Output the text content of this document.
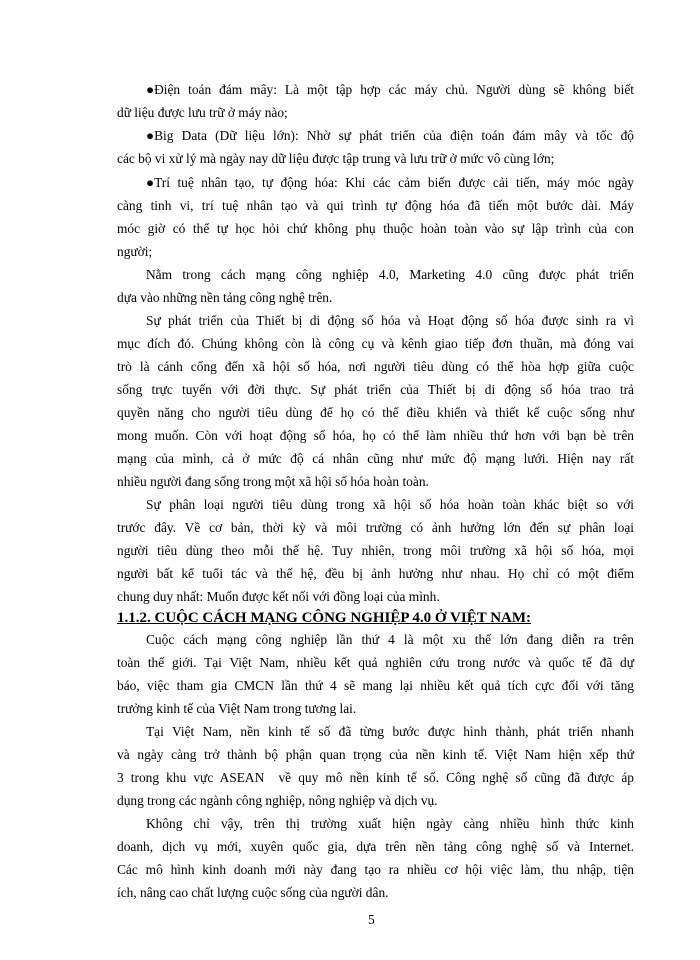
●Điện toán đám mây: Là một tập hợp các máy chủ. Người dùng sẽ không biết
dữ liệu được lưu trữ ở máy nào;
●Big Data (Dữ liệu lớn): Nhờ sự phát triển của điện toán đám mây và tốc độ
các bộ vi xử lý mà ngày nay dữ liệu được tập trung và lưu trữ ở mức vô cùng lớn;
●Trí tuệ nhân tạo, tự động hóa: Khi các cảm biến được cải tiến, máy móc ngày
càng tinh vi, trí tuệ nhân tạo và qui trình tự động hóa đã tiến một bước dài. Máy
móc giờ có thể tự học hỏi chứ không phụ thuộc hoàn toàn vào sự lập trình của con
người;
Nằm trong cách mạng công nghiệp 4.0, Marketing 4.0 cũng được phát triển
dựa vào những nền tảng công nghệ trên.
Sự phát triển của Thiết bị di động số hóa và Hoạt động số hóa được sinh ra vì
mục đích đó. Chúng không còn là công cụ và kênh giao tiếp đơn thuần, mà đóng vai
trò là cánh cổng đến xã hội số hóa, nơi người tiêu dùng có thể hòa hợp giữa cuộc
sống trực tuyến với đời thực. Sự phát triển của Thiết bị di động số hóa trao trả
quyền năng cho người tiêu dùng để họ có thể điều khiển và thiết kế cuộc sống như
mong muốn. Còn với hoạt động số hóa, họ có thể làm nhiều thứ hơn với bạn bè trên
mạng của mình, cả ở mức độ cá nhân cũng như mức độ mạng lưới. Hiện nay rất
nhiều người đang sống trong một xã hội số hóa hoàn toàn.
Sự phân loại người tiêu dùng trong xã hội số hóa hoàn toàn khác biệt so với
trước đây. Về cơ bản, thời kỳ và môi trường có ảnh hưởng lớn đến sự phân loại
người tiêu dùng theo mỗi thế hệ. Tuy nhiên, trong môi trường xã hội số hóa, mọi
người bất kể tuổi tác và thế hệ, đều bị ảnh hưởng như nhau. Họ chỉ có một điểm
chung duy nhất: Muốn được kết nối với đồng loại của mình.
1.1.2. CUỘC CÁCH MẠNG CÔNG NGHIỆP 4.0 Ở VIỆT NAM:
Cuộc cách mạng công nghiệp lần thứ 4 là một xu thế lớn đang diễn ra trên
toàn thế giới. Tại Việt Nam, nhiều kết quả nghiên cứu trong nước và quốc tế đã dự
báo, việc tham gia CMCN lần thứ 4 sẽ mang lại nhiều kết quả tích cực đối với tăng
trưởng kinh tế của Việt Nam trong tương lai.
Tại Việt Nam, nền kinh tế số đã từng bước được hình thành, phát triển nhanh
và ngày càng trở thành bộ phận quan trọng của nền kinh tế. Việt Nam hiện xếp thứ
3 trong khu vực ASEAN  về quy mô nền kinh tế số. Công nghệ số cũng đã được áp
dụng trong các ngành công nghiệp, nông nghiệp và dịch vụ.
Không chỉ vậy, trên thị trường xuất hiện ngày càng nhiều hình thức kinh
doanh, dịch vụ mới, xuyên quốc gia, dựa trên nền tảng công nghệ số và Internet.
Các mô hình kinh doanh mới này đang tạo ra nhiều cơ hội việc làm, thu nhập, tiện
ích, nâng cao chất lượng cuộc sống của người dân.
5
